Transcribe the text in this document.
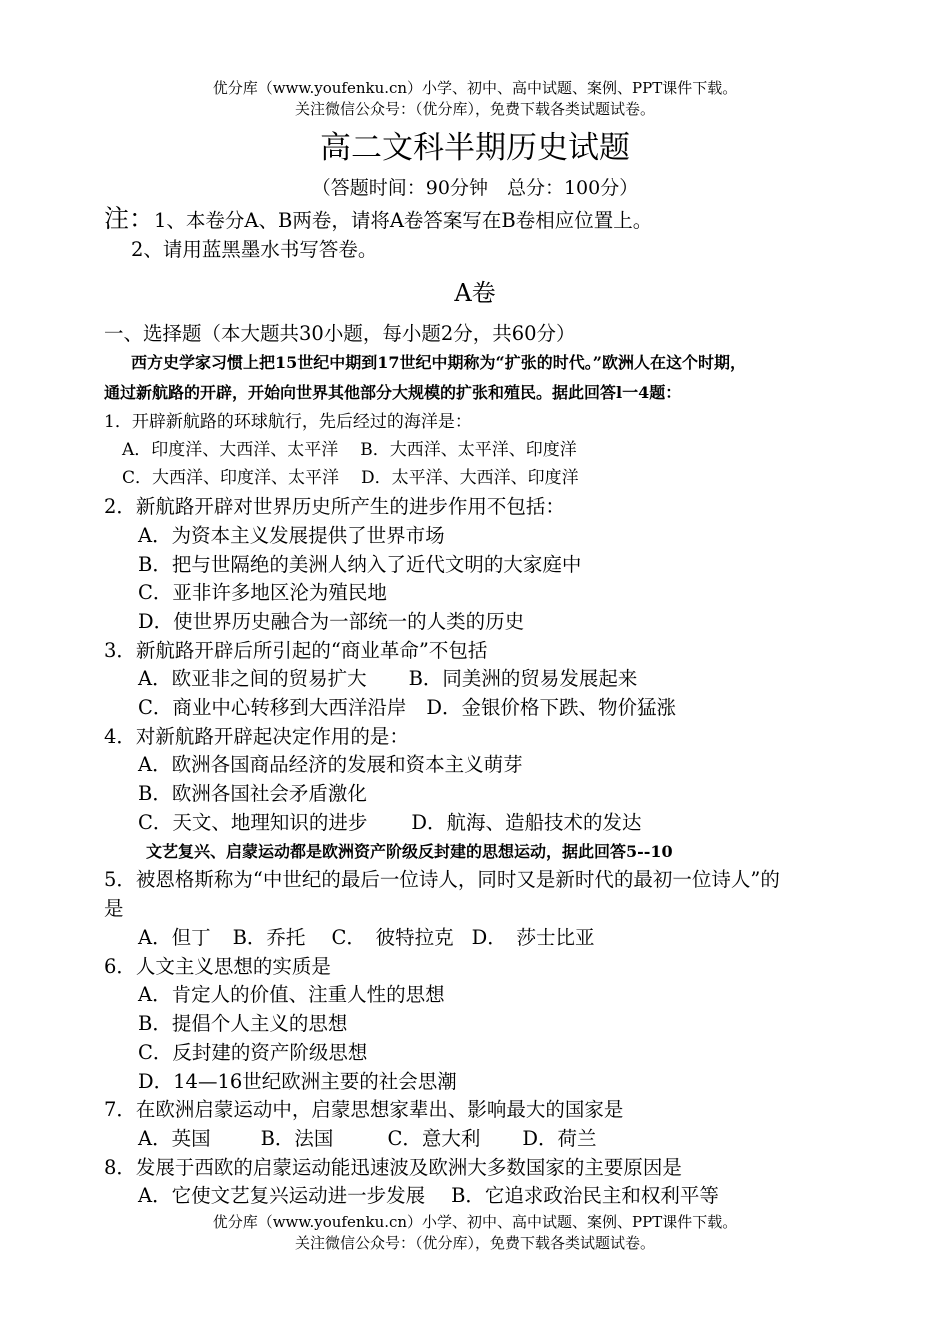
优分库（www.youfenku.cn）小学、初中、高中试题、案例、PPT课件下载。
关注微信公众号：（优分库），免费下载各类试题试卷。
高二文科半期历史试题
（答题时间：90分钟　总分：100分）
注：1、本卷分A、B两卷，请将A卷答案写在B卷相应位置上。
2、请用蓝黑墨水书写答卷。
A卷
一、选择题（本大题共30小题，每小题2分，共60分）
西方史学家习惯上把15世纪中期到17世纪中期称为“扩张的时代。”欧洲人在这个时期，
通过新航路的开辟，开始向世界其他部分大规模的扩张和殖民。据此回答l一4题：
1．开辟新航路的环球航行，先后经过的海洋是：
A．印度洋、大西洋、太平洋 B．大西洋、太平洋、印度洋
C．大西洋、印度洋、太平洋 D．太平洋、大西洋、印度洋
2．新航路开辟对世界历史所产生的进步作用不包括：
A．为资本主义发展提供了世界市场
B．把与世隔绝的美洲人纳入了近代文明的大家庭中
C．亚非许多地区沦为殖民地
D．使世界历史融合为一部统一的人类的历史
3．新航路开辟后所引起的“商业革命”不包括
A．欧亚非之间的贸易扩大 B．同美洲的贸易发展起来
C．商业中心转移到大西洋沿岸 D．金银价格下跌、物价猛涨
4．对新航路开辟起决定作用的是：
A．欧洲各国商品经济的发展和资本主义萌芽
B．欧洲各国社会矛盾激化
C．天文、地理知识的进步 D．航海、造船技术的发达
文艺复兴、启蒙运动都是欧洲资产阶级反封建的思想运动，据此回答5--10
5．被恩格斯称为“中世纪的最后一位诗人，同时又是新时代的最初一位诗人”的
是
A．但丁 B．乔托 C．　彼特拉克 D．　莎士比亚
6．人文主义思想的实质是
A．肯定人的价值、注重人性的思想
B．提倡个人主义的思想
C．反封建的资产阶级思想
D．14—16世纪欧洲主要的社会思潮
7．在欧洲启蒙运动中，启蒙思想家辈出、影响最大的国家是
A．英国	B．法国	C．意大利 D．荷兰
8．发展于西欧的启蒙运动能迅速波及欧洲大多数国家的主要原因是
A．它使文艺复兴运动进一步发展 B．它追求政治民主和权利平等
优分库（www.youfenku.cn）小学、初中、高中试题、案例、PPT课件下载。
关注微信公众号：（优分库），免费下载各类试题试卷。
